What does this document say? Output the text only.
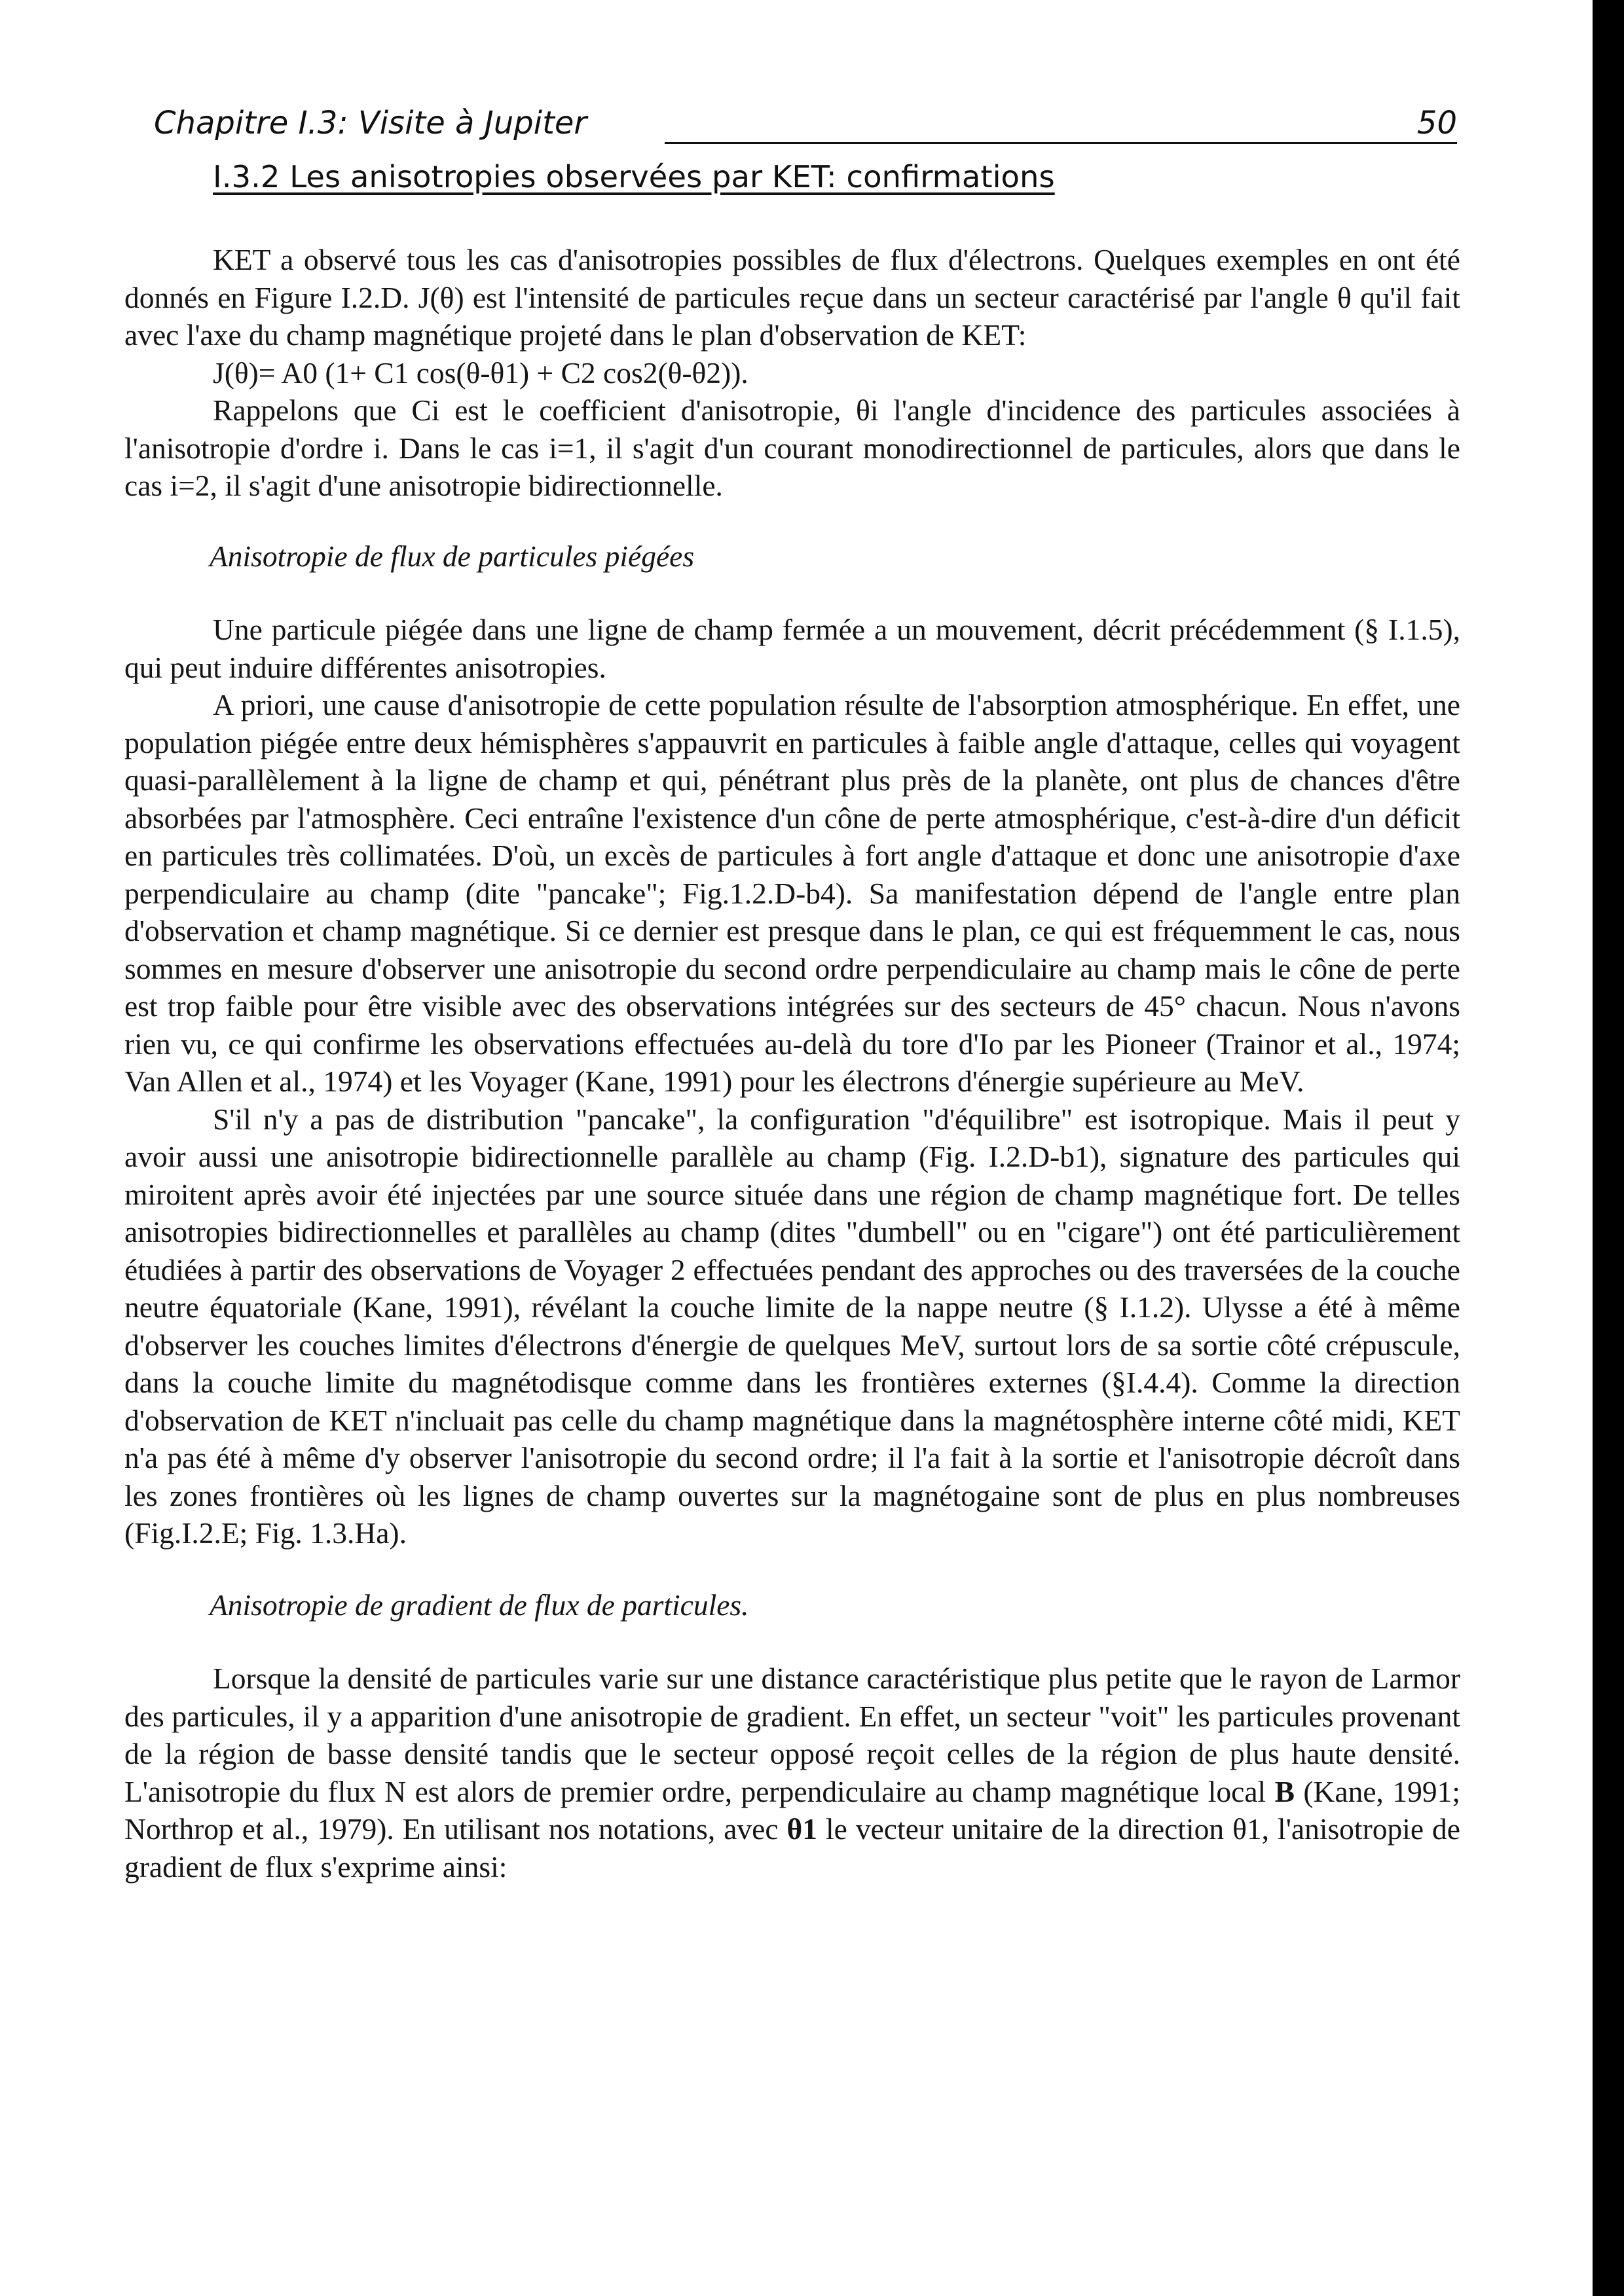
Chapitre I.3: Visite à Jupiter	50
I.3.2 Les anisotropies observées par KET: confirmations

KET a observé tous les cas d'anisotropies possibles de flux d'électrons. Quelques exemples en ont été donnés en Figure I.2.D. J(θ) est l'intensité de particules reçue dans un secteur caractérisé par l'angle θ qu'il fait avec l'axe du champ magnétique projeté dans le plan d'observation de KET:

J(θ)= A0 (1+ C1 cos(θ-θ1) + C2 cos2(θ-θ2)).

Rappelons que Ci est le coefficient d'anisotropie, θi l'angle d'incidence des particules associées à l'anisotropie d'ordre i. Dans le cas i=1, il s'agit d'un courant monodirectionnel de particules, alors que dans le cas i=2, il s'agit d'une anisotropie bidirectionnelle.

Anisotropie de flux de particules piégées

Une particule piégée dans une ligne de champ fermée a un mouvement, décrit précédemment (§ I.1.5), qui peut induire différentes anisotropies.

A priori, une cause d'anisotropie de cette population résulte de l'absorption atmosphérique. En effet, une population piégée entre deux hémisphères s'appauvrit en particules à faible angle d'attaque, celles qui voyagent quasi-parallèlement à la ligne de champ et qui, pénétrant plus près de la planète, ont plus de chances d'être absorbées par l'atmosphère. Ceci entraîne l'existence d'un cône de perte atmosphérique, c'est-à-dire d'un déficit en particules très collimatées. D'où, un excès de particules à fort angle d'attaque et donc une anisotropie d'axe perpendiculaire au champ (dite "pancake"; Fig.1.2.D-b4). Sa manifestation dépend de l'angle entre plan d'observation et champ magnétique. Si ce dernier est presque dans le plan, ce qui est fréquemment le cas, nous sommes en mesure d'observer une anisotropie du second ordre perpendiculaire au champ mais le cône de perte est trop faible pour être visible avec des observations intégrées sur des secteurs de 45° chacun. Nous n'avons rien vu, ce qui confirme les observations effectuées au-delà du tore d'Io par les Pioneer (Trainor et al., 1974; Van Allen et al., 1974) et les Voyager (Kane, 1991) pour les électrons d'énergie supérieure au MeV.

S'il n'y a pas de distribution "pancake", la configuration "d'équilibre" est isotropique. Mais il peut y avoir aussi une anisotropie bidirectionnelle parallèle au champ (Fig. I.2.D-b1), signature des particules qui miroitent après avoir été injectées par une source située dans une région de champ magnétique fort. De telles anisotropies bidirectionnelles et parallèles au champ (dites "dumbell" ou en "cigare") ont été particulièrement étudiées à partir des observations de Voyager 2 effectuées pendant des approches ou des traversées de la couche neutre équatoriale (Kane, 1991), révélant la couche limite de la nappe neutre (§ I.1.2). Ulysse a été à même d'observer les couches limites d'électrons d'énergie de quelques MeV, surtout lors de sa sortie côté crépuscule, dans la couche limite du magnétodisque comme dans les frontières externes (§I.4.4). Comme la direction d'observation de KET n'incluait pas celle du champ magnétique dans la magnétosphère interne côté midi, KET n'a pas été à même d'y observer l'anisotropie du second ordre; il l'a fait à la sortie et l'anisotropie décroît dans les zones frontières où les lignes de champ ouvertes sur la magnétogaine sont de plus en plus nombreuses (Fig.I.2.E; Fig. 1.3.Ha).

Anisotropie de gradient de flux de particules.

Lorsque la densité de particules varie sur une distance caractéristique plus petite que le rayon de Larmor des particules, il y a apparition d'une anisotropie de gradient. En effet, un secteur "voit" les particules provenant de la région de basse densité tandis que le secteur opposé reçoit celles de la région de plus haute densité. L'anisotropie du flux N est alors de premier ordre, perpendiculaire au champ magnétique local B (Kane, 1991; Northrop et al., 1979). En utilisant nos notations, avec θ1 le vecteur unitaire de la direction θ1, l'anisotropie de gradient de flux s'exprime ainsi:
